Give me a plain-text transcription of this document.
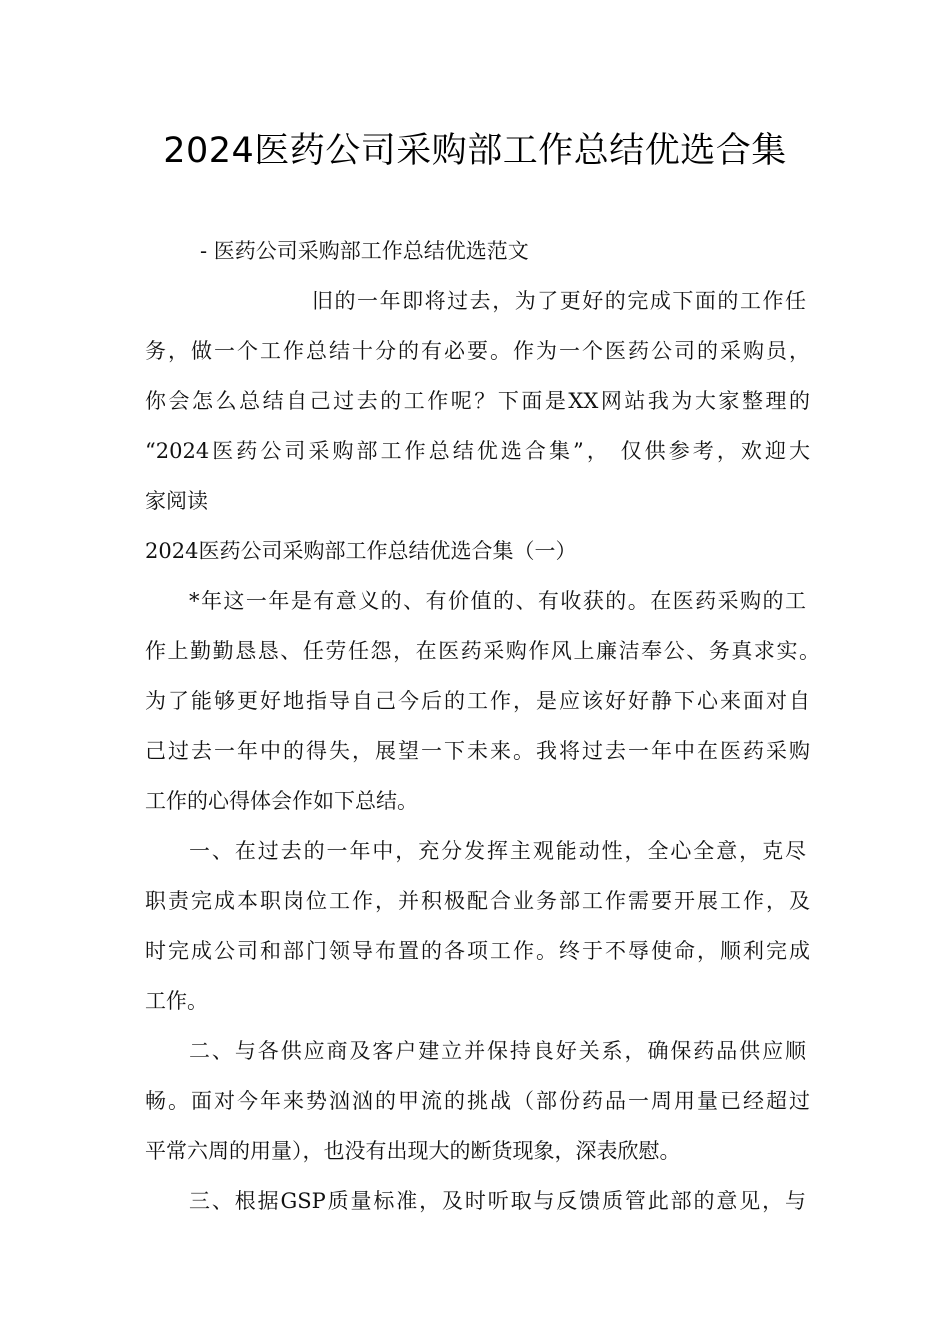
2024医药公司采购部工作总结优选合集
- 医药公司采购部工作总结优选范文
旧的一年即将过去，为了更好的完成下面的工作任
务，做一个工作总结十分的有必要。作为一个医药公司的采购员，
你会怎么总结自己过去的工作呢？下面是XX网站我为大家整理的
“2024医药公司采购部工作总结优选合集”， 仅供参考，欢迎大
家阅读
2024医药公司采购部工作总结优选合集（一）
*年这一年是有意义的、有价值的、有收获的。在医药采购的工
作上勤勤恳恳、任劳任怨，在医药采购作风上廉洁奉公、务真求实。
为了能够更好地指导自己今后的工作，是应该好好静下心来面对自
己过去一年中的得失，展望一下未来。我将过去一年中在医药采购
工作的心得体会作如下总结。
一、在过去的一年中，充分发挥主观能动性，全心全意，克尽
职责完成本职岗位工作，并积极配合业务部工作需要开展工作，及
时完成公司和部门领导布置的各项工作。终于不辱使命，顺利完成
工作。
二、与各供应商及客户建立并保持良好关系，确保药品供应顺
畅。面对今年来势汹汹的甲流的挑战（部份药品一周用量已经超过
平常六周的用量），也没有出现大的断货现象，深表欣慰。
三、根据GSP质量标准，及时听取与反馈质管此部的意见，与
